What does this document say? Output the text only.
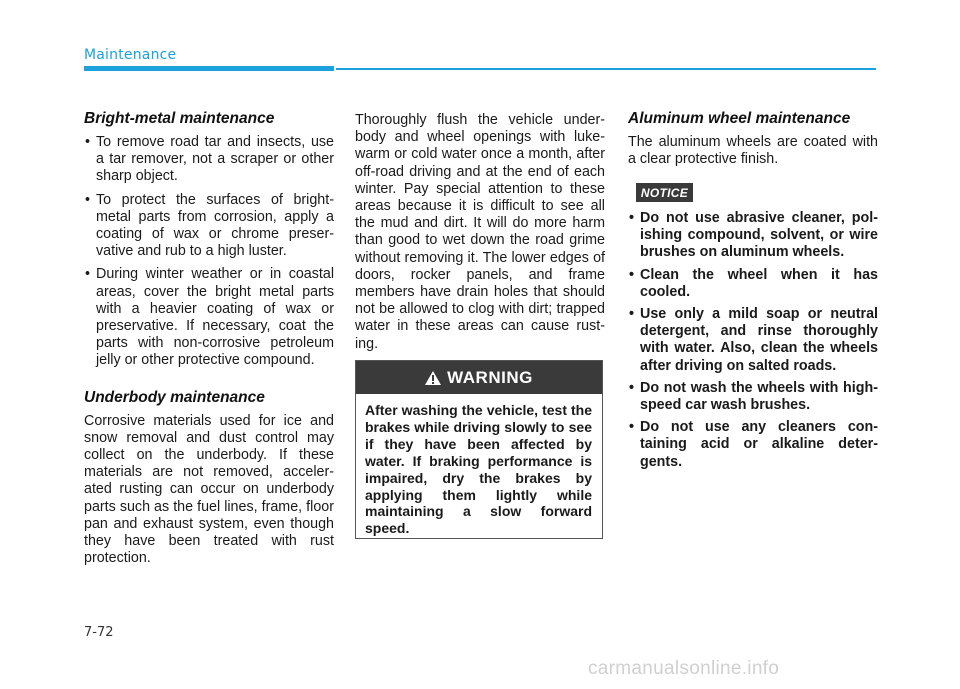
Maintenance
Bright-metal maintenance
• To remove road tar and insects, use a tar remover, not a scraper or other sharp object.
• To protect the surfaces of bright-metal parts from corrosion, apply a coating of wax or chrome preser-vative and rub to a high luster.
• During winter weather or in coastal areas, cover the bright metal parts with a heavier coating of wax or preservative. If necessary, coat the parts with non-corrosive petroleum jelly or other protective compound.
Underbody maintenance

Corrosive materials used for ice and snow removal and dust control may collect on the underbody. If these materials are not removed, acceler-ated rusting can occur on underbody parts such as the fuel lines, frame, floor pan and exhaust system, even though they have been treated with rust protection.

Thoroughly flush the vehicle under-body and wheel openings with luke-warm or cold water once a month, after off-road driving and at the end of each winter. Pay special attention to these areas because it is difficult to see all the mud and dirt. It will do more harm than good to wet down the road grime without removing it. The lower edges of doors, rocker panels, and frame members have drain holes that should not be allowed to clog with dirt; trapped water in these areas can cause rust-ing.

WARNING
After washing the vehicle, test the brakes while driving slowly to see if they have been affected by water. If braking performance is impaired, dry the brakes by applying them lightly while maintaining a slow forward speed.
Aluminum wheel maintenance

The aluminum wheels are coated with a clear protective finish.

NOTICE
• Do not use abrasive cleaner, pol-ishing compound, solvent, or wire brushes on aluminum wheels.
• Clean the wheel when it has cooled.
• Use only a mild soap or neutral detergent, and rinse thoroughly with water. Also, clean the wheels after driving on salted roads.
• Do not wash the wheels with high-speed car wash brushes.
• Do not use any cleaners con-taining acid or alkaline deter-gents.
7-72
carmanualsonline.info
